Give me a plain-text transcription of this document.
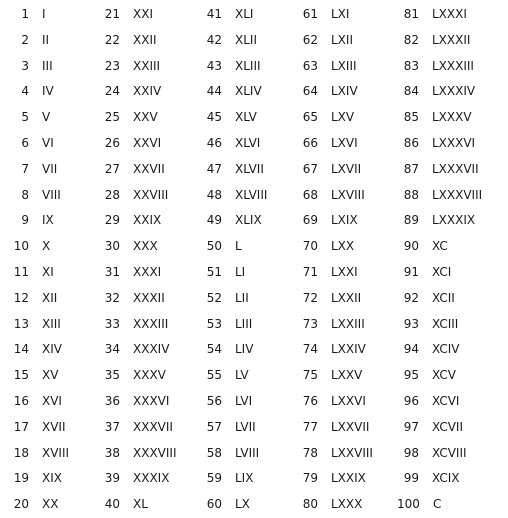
1	I
2	II
3	III
4	IV
5	V
6	VI
7	VII
8	VIII
9	IX
10	X
11	XI
12	XII
13	XIII
14	XIV
15	XV
16	XVI
17	XVII
18	XVIII
19	XIX
20	XX
21	XXI
22	XXII
23	XXIII
24	XXIV
25	XXV
26	XXVI
27	XXVII
28	XXVIII
29	XXIX
30	XXX
31	XXXI
32	XXXII
33	XXXIII
34	XXXIV
35	XXXV
36	XXXVI
37	XXXVII
38	XXXVIII
39	XXXIX
40	XL
41	XLI
42	XLII
43	XLIII
44	XLIV
45	XLV
46	XLVI
47	XLVII
48	XLVIII
49	XLIX
50	L
51	LI
52	LII
53	LIII
54	LIV
55	LV
56	LVI
57	LVII
58	LVIII
59	LIX
60	LX
61	LXI
62	LXII
63	LXIII
64	LXIV
65	LXV
66	LXVI
67	LXVII
68	LXVIII
69	LXIX
70	LXX
71	LXXI
72	LXXII
73	LXXIII
74	LXXIV
75	LXXV
76	LXXVI
77	LXXVII
78	LXXVIII
79	LXXIX
80	LXXX
81	LXXXI
82	LXXXII
83	LXXXIII
84	LXXXIV
85	LXXXV
86	LXXXVI
87	LXXXVII
88	LXXXVIII
89	LXXXIX
90	XC
91	XCI
92	XCII
93	XCIII
94	XCIV
95	XCV
96	XCVI
97	XCVII
98	XCVIII
99	XCIX
100	C
